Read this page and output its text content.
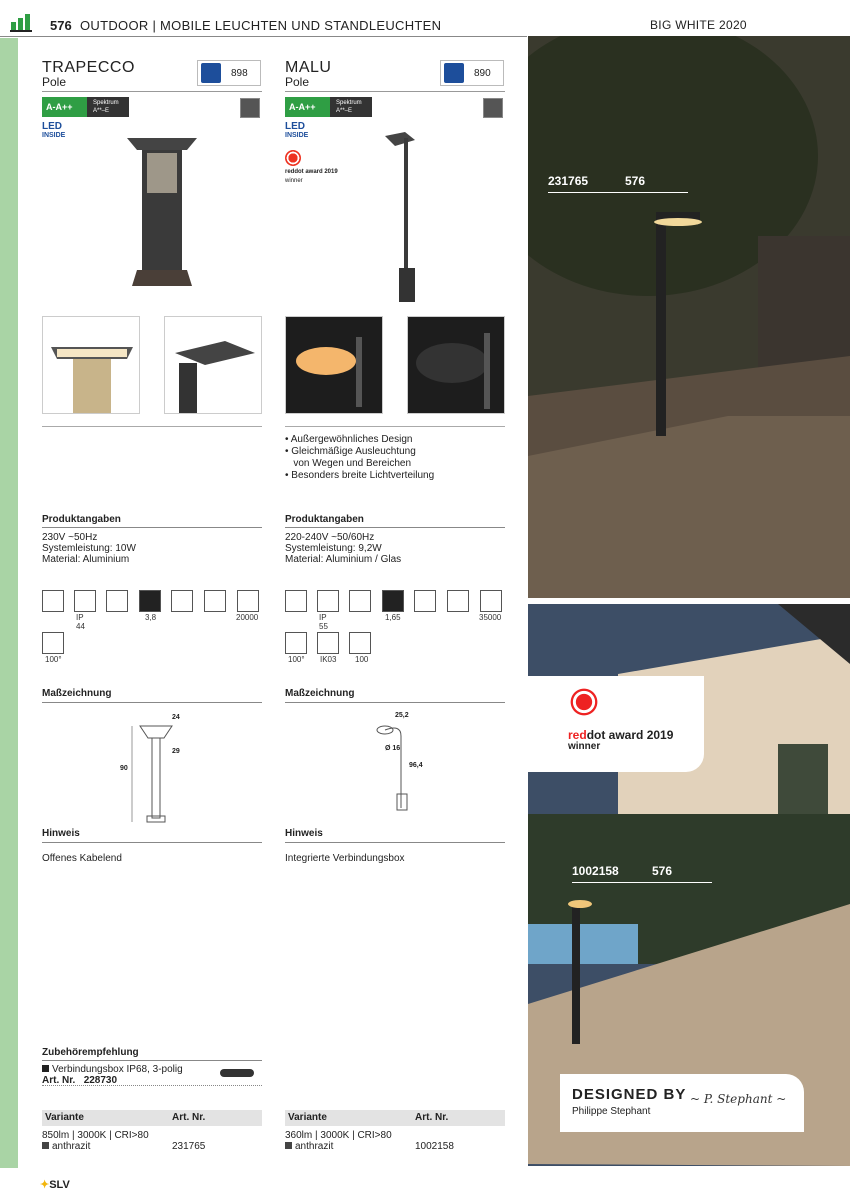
576 OUTDOOR | MOBILE LEUCHTEN UND STANDLEUCHTEN	BIG WHITE 2020
TRAPECCO
Pole
898
A-A++	Spektrum
A**–E
LED
INSIDE
Produktangaben
230V ~50Hz
Systemleistung: 10W
Material: Aluminium
IP 44
3,8	20000
100°
Maßzeichnung
24
29
90
Hinweis
Offenes Kabelend
Zubehörempfehlung
Verbindungsbox IP68, 3-polig
Art. Nr. 228730
Variante	Art. Nr.
850lm | 3000K | CRI>80
anthrazit	231765
MALU
Pole
890
A-A++	Spektrum
A**–E
LED
INSIDE
reddot award 2019
winner
• Außergewöhnliches Design
• Gleichmäßige Ausleuchtung
von Wegen und Bereichen
• Besonders breite Lichtverteilung
Produktangaben
220-240V ~50/60Hz
Systemleistung: 9,2W
Material: Aluminium / Glas
IP 55
1,65	35000
100° IK03 100
Maßzeichnung
25,2
Ø 16
96,4
Hinweis
Integrierte Verbindungsbox
Variante	Art. Nr.
360lm | 3000K | CRI>80
anthrazit	1002158
231765	576
1002158	576
reddot award 2019
winner
DESIGNED BY
Philippe Stephant
~ P. Stephant ~
✦SLV
